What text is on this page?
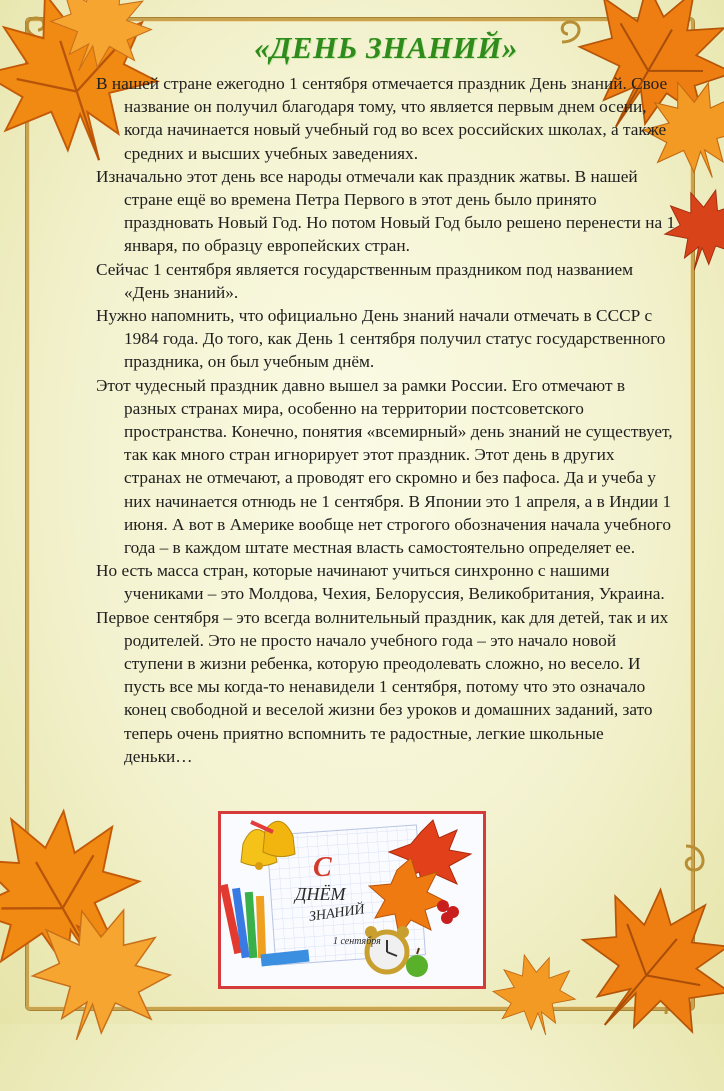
«ДЕНЬ ЗНАНИЙ»

В нашей стране ежегодно 1 сентября отмечается праздник День знаний. Свое название он получил благодаря тому, что является первым днем осени, когда начинается новый учебный год во всех российских школах, а также средних и высших учебных заведениях.

Изначально этот день все народы отмечали как праздник жатвы. В нашей стране ещё во времена Петра Первого в этот день было принято праздновать Новый Год. Но потом Новый Год было решено перенести на 1 января, по образцу европейских стран.

Сейчас 1 сентября является государственным праздником под названием «День знаний».

Нужно напомнить, что официально День знаний начали отмечать в СССР с 1984 года. До того, как День 1 сентября получил статус государственного праздника, он был учебным днём.

Этот чудесный праздник давно вышел за рамки России. Его отмечают в разных странах мира, особенно на территории постсоветского пространства. Конечно, понятия «всемирный» день знаний не существует, так как много стран игнорирует этот праздник. Этот день в других странах не отмечают, а проводят его скромно и без пафоса. Да и учеба у них начинается отнюдь не 1 сентября. В Японии это 1 апреля, а в Индии 1 июня. А вот в Америке вообще нет строгого обозначения начала учебного года – в каждом штате местная власть самостоятельно определяет ее.

Но есть масса стран, которые начинают учиться синхронно с нашими учениками – это Молдова, Чехия, Белоруссия, Великобритания, Украина.

Первое сентября – это всегда волнительный праздник, как для детей, так и их родителей. Это не просто начало учебного года – это начало новой ступени в жизни ребенка, которую преодолевать сложно, но весело. И пусть все мы когда-то ненавидели 1 сентября, потому что это означало конец свободной и веселой жизни без уроков и домашних заданий, зато теперь очень приятно вспомнить те радостные, легкие школьные деньки…

С
ДНЁМ
ЗНАНИЙ
1 сентября
